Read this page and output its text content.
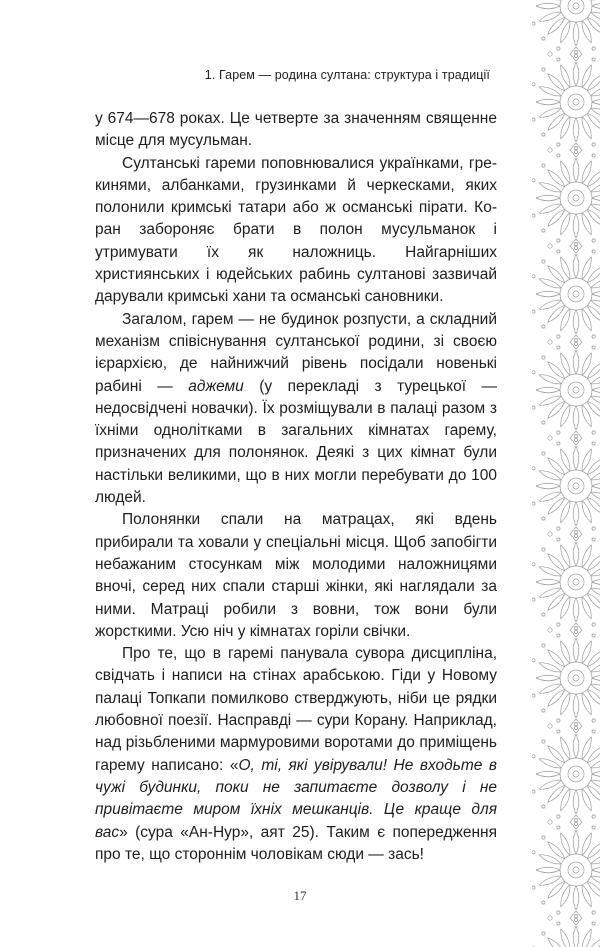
1. Гарем — родина султана: структура і традиції

у 674—678 роках. Це четверте за значенням священне місце для мусульман.

Султанські гареми поповнювалися українками, грекинями, албанками, грузинками й черкесками, яких полонили кримські татари або ж османські пірати. Коран забороняє брати в полон мусульманок і утримувати їх як наложниць. Найгарніших християнських і юдейських рабинь султанові зазвичай дарували кримські хани та османські сановники.

Загалом, гарем — не будинок розпусти, а складний механізм співіснування султанської родини, зі своєю ієрархією, де найнижчий рівень посідали новенькі рабині — аджеми (у перекладі з турецької — недосвідчені новачки). Їх розміщували в палаці разом з їхніми однолітками в загальних кімнатах гарему, призначених для полонянок. Деякі з цих кімнат були настільки великими, що в них могли перебувати до 100 людей.

Полонянки спали на матрацах, які вдень прибирали та ховали у спеціальні місця. Щоб запобігти небажаним стосункам між молодими наложницями вночі, серед них спали старші жінки, які наглядали за ними. Матраці робили з вовни, тож вони були жорсткими. Усю ніч у кімнатах горіли свічки.

Про те, що в гаремі панувала сувора дисципліна, свідчать і написи на стінах арабською. Гіди у Новому палаці Топкапи помилково стверджують, ніби це рядки любовної поезії. Насправді — сури Корану. Наприклад, над різьбленими мармуровими воротами до приміщень гарему написано: «О, ті, які увірували! Не входьте в чужі будинки, поки не запитаєте дозволу і не привітаєте миром їхніх мешканців. Це краще для вас» (сура «Ан-Нур», аят 25). Таким є попередження про те, що стороннім чоловікам сюди — зась!

17
